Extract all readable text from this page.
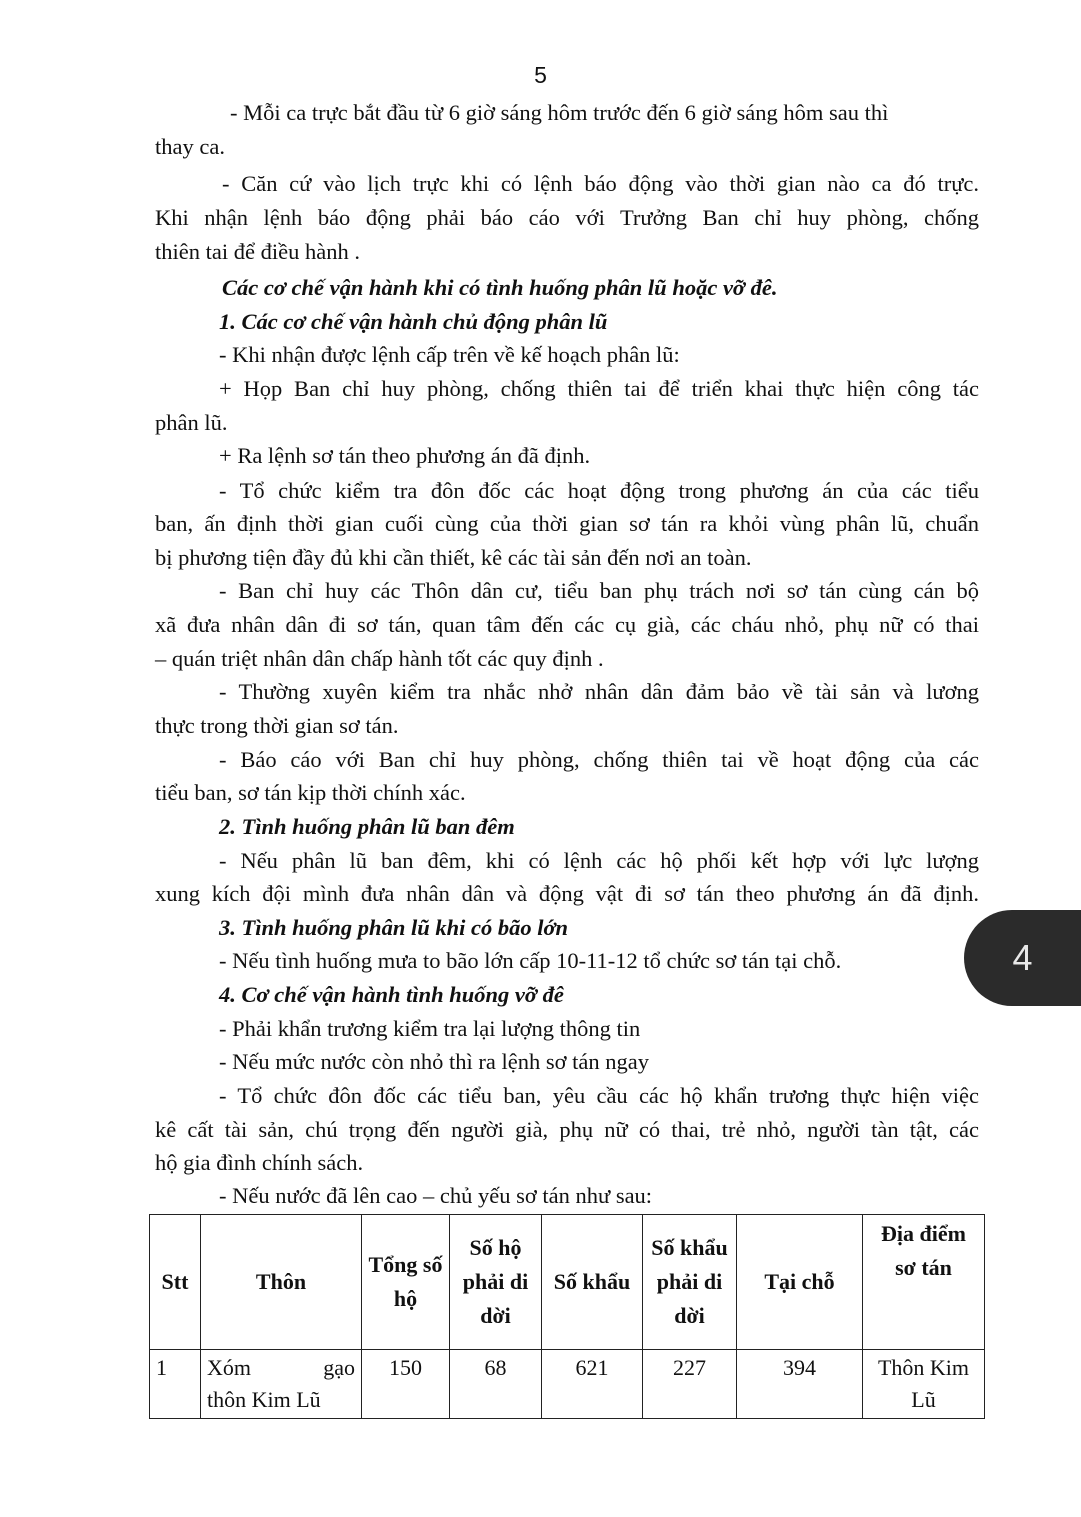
5
- Mỗi ca trực bắt đầu từ 6 giờ sáng hôm trước đến 6 giờ sáng hôm sau thì
thay ca.
- Căn cứ vào lịch trực khi có lệnh báo động vào thời gian nào ca đó trực.
Khi nhận lệnh báo động phải báo cáo với Trưởng Ban chỉ huy phòng, chống
thiên tai để điều hành .
Các cơ chế vận hành khi có tình huống phân lũ hoặc vỡ đê.
1. Các cơ chế vận hành chủ động phân lũ
- Khi nhận được lệnh cấp trên về kế hoạch phân lũ:
+ Họp Ban chỉ huy phòng, chống thiên tai để triển khai thực hiện công tác
phân lũ.
+ Ra lệnh sơ tán theo phương án đã định.
- Tổ chức kiểm tra đôn đốc các hoạt động trong phương án của các tiểu
ban, ấn định thời gian cuối cùng của thời gian sơ tán ra khỏi vùng phân lũ, chuẩn
bị phương tiện đầy đủ khi cần thiết, kê các tài sản đến nơi an toàn.
- Ban chỉ huy các Thôn dân cư, tiểu ban phụ trách nơi sơ tán cùng cán bộ
xã đưa nhân dân đi sơ tán, quan tâm đến các cụ già, các cháu nhỏ, phụ nữ có thai
– quán triệt nhân dân chấp hành tốt các quy định .
- Thường xuyên kiểm tra nhắc nhở nhân dân đảm bảo về tài sản và lương
thực trong thời gian sơ tán.
- Báo cáo với Ban chỉ huy phòng, chống thiên tai về hoạt động của các
tiểu ban, sơ tán kịp thời chính xác.
2. Tình huống phân lũ ban đêm
- Nếu phân lũ ban đêm, khi có lệnh các hộ phối kết hợp với lực lượng
xung kích đội mình đưa nhân dân và động vật đi sơ tán theo phương án đã định.
3. Tình huống phân lũ khi có bão lớn
- Nếu tình huống mưa to bão lớn cấp 10-11-12 tổ chức sơ tán tại chỗ.
4. Cơ chế vận hành tình huống vỡ đê
- Phải khẩn trương kiểm tra lại lượng thông tin
- Nếu mức nước còn nhỏ thì ra lệnh sơ tán ngay
- Tổ chức đôn đốc các tiểu ban, yêu cầu các hộ khẩn trương thực hiện việc
kê cất tài sản, chú trọng đến người già, phụ nữ có thai, trẻ nhỏ, người tàn tật, các
hộ gia đình chính sách.
- Nếu nước đã lên cao – chủ yếu sơ tán như sau:
4
Stt	Thôn	Tổng số hộ	Số hộ phải di dời	Số khẩu	Số khẩu phải di dời	Tại chỗ	Địa điểm sơ tán
1	Xóm gạo
thôn Kim Lũ	150	68	621	227	394	Thôn Kim Lũ
